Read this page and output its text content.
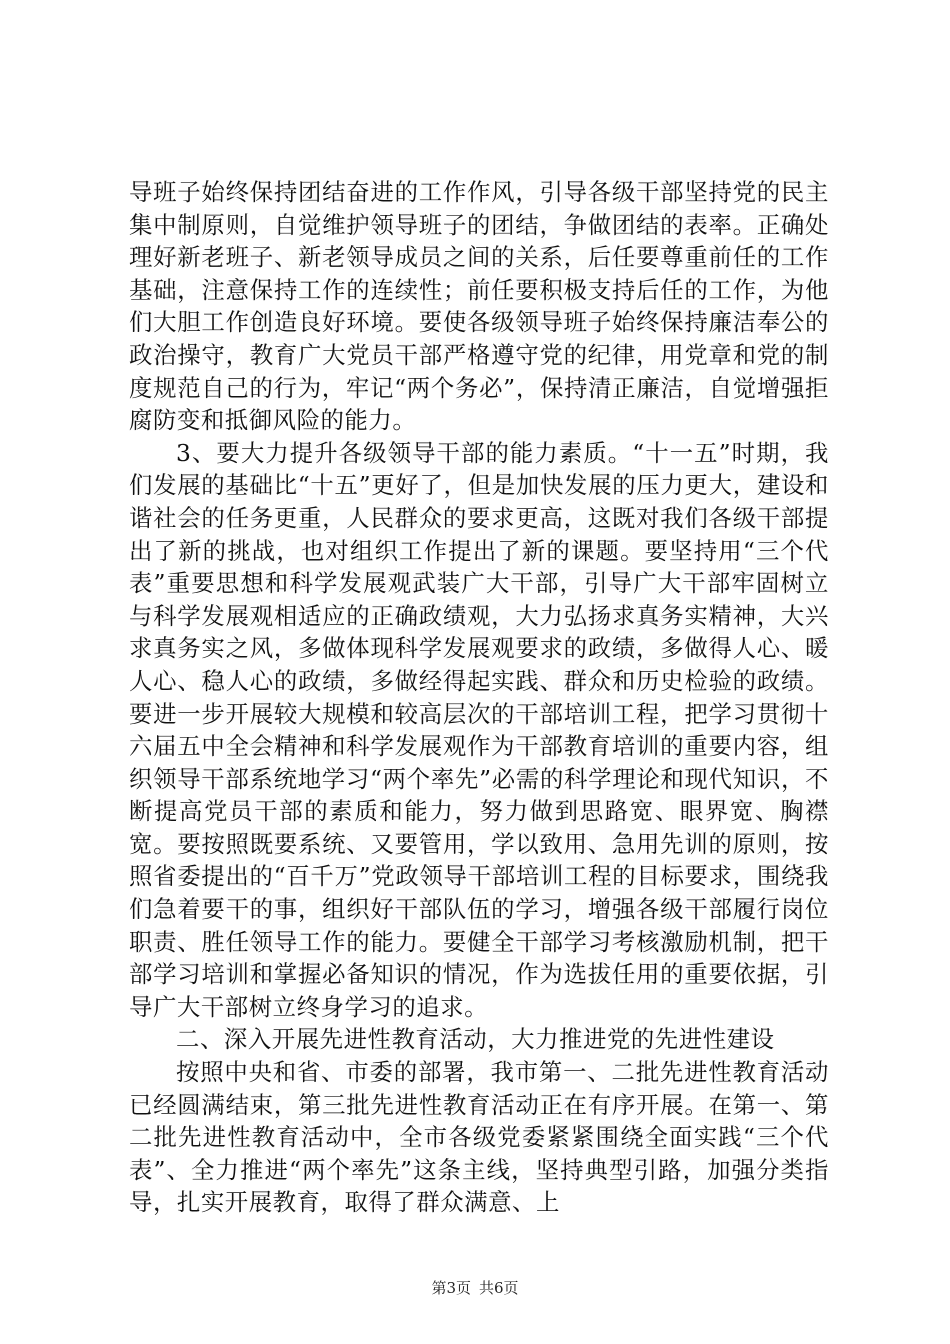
导班子始终保持团结奋进的工作作风，引导各级干部坚持党的民主集中制原则，自觉维护领导班子的团结，争做团结的表率。正确处理好新老班子、新老领导成员之间的关系，后任要尊重前任的工作基础，注意保持工作的连续性；前任要积极支持后任的工作，为他们大胆工作创造良好环境。要使各级领导班子始终保持廉洁奉公的政治操守，教育广大党员干部严格遵守党的纪律，用党章和党的制度规范自己的行为，牢记“两个务必”，保持清正廉洁，自觉增强拒腐防变和抵御风险的能力。

3、要大力提升各级领导干部的能力素质。“十一五”时期，我们发展的基础比“十五”更好了，但是加快发展的压力更大，建设和谐社会的任务更重，人民群众的要求更高，这既对我们各级干部提出了新的挑战，也对组织工作提出了新的课题。要坚持用“三个代表”重要思想和科学发展观武装广大干部，引导广大干部牢固树立与科学发展观相适应的正确政绩观，大力弘扬求真务实精神，大兴求真务实之风，多做体现科学发展观要求的政绩，多做得人心、暖人心、稳人心的政绩，多做经得起实践、群众和历史检验的政绩。要进一步开展较大规模和较高层次的干部培训工程，把学习贯彻十六届五中全会精神和科学发展观作为干部教育培训的重要内容，组织领导干部系统地学习“两个率先”必需的科学理论和现代知识，不断提高党员干部的素质和能力，努力做到思路宽、眼界宽、胸襟宽。要按照既要系统、又要管用，学以致用、急用先训的原则，按照省委提出的“百千万”党政领导干部培训工程的目标要求，围绕我们急着要干的事，组织好干部队伍的学习，增强各级干部履行岗位职责、胜任领导工作的能力。要健全干部学习考核激励机制，把干部学习培训和掌握必备知识的情况，作为选拔任用的重要依据，引导广大干部树立终身学习的追求。

二、深入开展先进性教育活动，大力推进党的先进性建设

按照中央和省、市委的部署，我市第一、二批先进性教育活动已经圆满结束，第三批先进性教育活动正在有序开展。在第一、第二批先进性教育活动中，全市各级党委紧紧围绕全面实践“三个代表”、全力推进“两个率先”这条主线，坚持典型引路，加强分类指导，扎实开展教育，取得了群众满意、上

第3页 共6页
